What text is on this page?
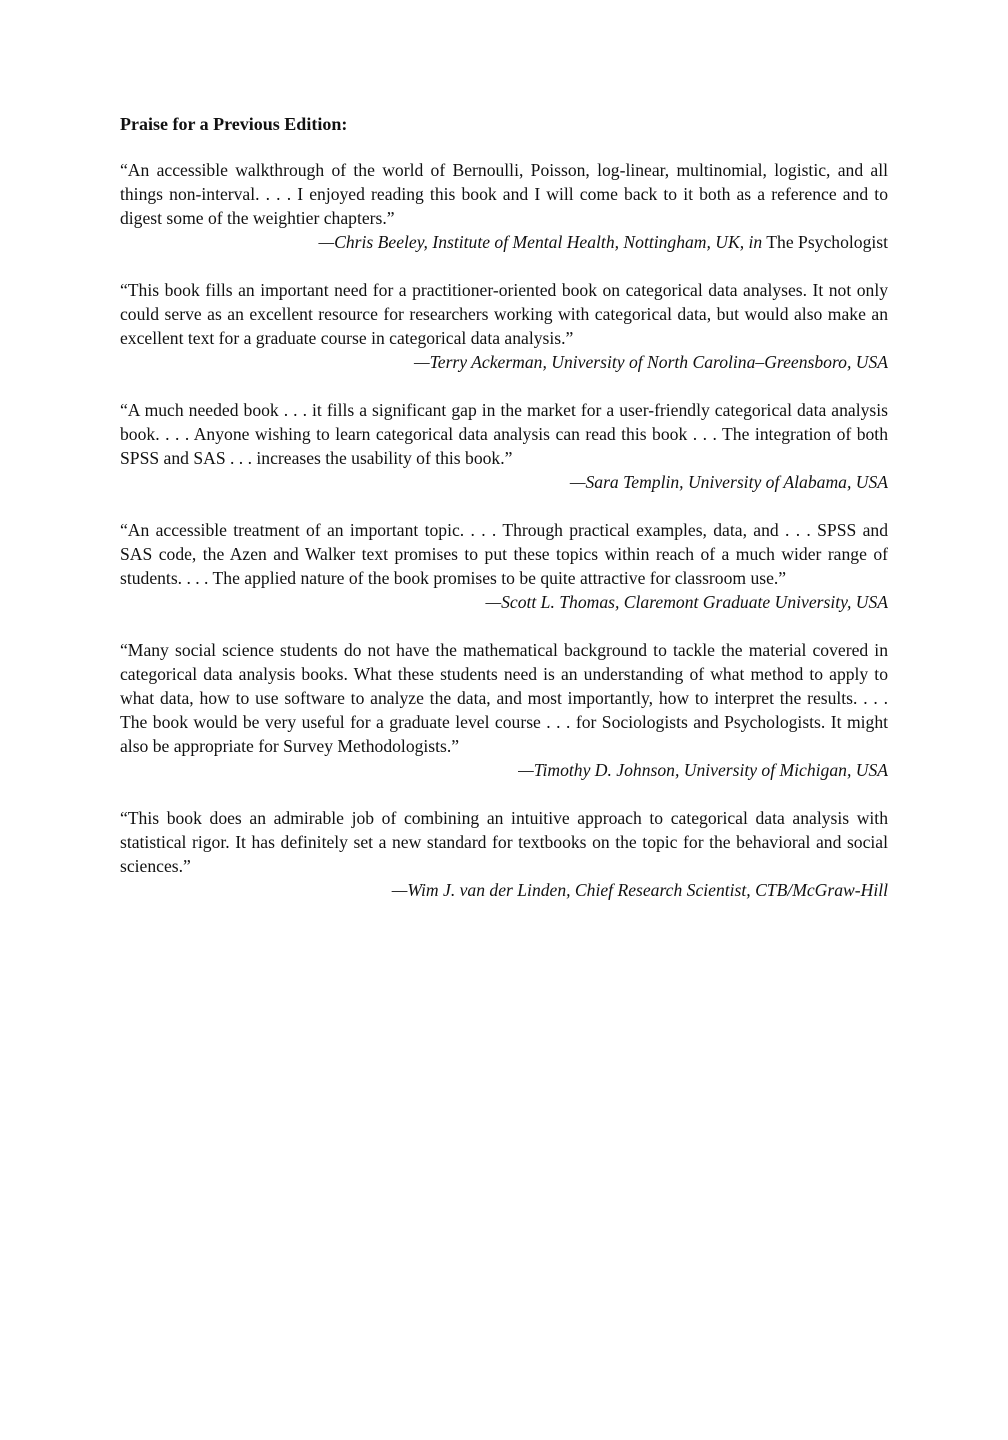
Praise for a Previous Edition:

“An accessible walkthrough of the world of Bernoulli, Poisson, log-linear, multinomial, logistic, and all things non-interval. . . . I enjoyed reading this book and I will come back to it both as a reference and to digest some of the weightier chapters.”

—Chris Beeley, Institute of Mental Health, Nottingham, UK, in The Psychologist

“This book fills an important need for a practitioner-oriented book on categorical data analyses. It not only could serve as an excellent resource for researchers working with categorical data, but would also make an excellent text for a graduate course in categorical data analysis.”

—Terry Ackerman, University of North Carolina–Greensboro, USA

“A much needed book . . . it fills a significant gap in the market for a user-friendly categorical data analysis book. . . . Anyone wishing to learn categorical data analysis can read this book . . . The integration of both SPSS and SAS . . . increases the usability of this book.”

—Sara Templin, University of Alabama, USA

“An accessible treatment of an important topic. . . . Through practical examples, data, and . . . SPSS and SAS code, the Azen and Walker text promises to put these topics within reach of a much wider range of students. . . . The applied nature of the book promises to be quite attractive for classroom use.”

—Scott L. Thomas, Claremont Graduate University, USA

“Many social science students do not have the mathematical background to tackle the material covered in categorical data analysis books. What these students need is an understanding of what method to apply to what data, how to use software to analyze the data, and most importantly, how to interpret the results. . . . The book would be very useful for a graduate level course . . . for Sociologists and Psychologists. It might also be appropriate for Survey Methodologists.”

—Timothy D. Johnson, University of Michigan, USA

“This book does an admirable job of combining an intuitive approach to categorical data analysis with statistical rigor. It has definitely set a new standard for textbooks on the topic for the behavioral and social sciences.”

—Wim J. van der Linden, Chief Research Scientist, CTB/McGraw-Hill
